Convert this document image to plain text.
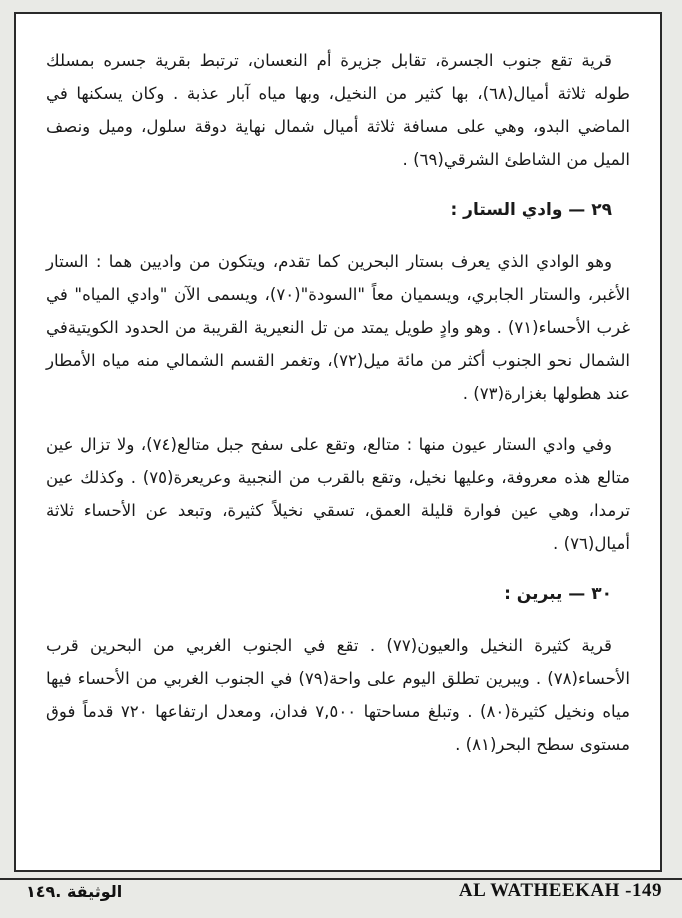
قرية تقع جنوب الجسرة، تقابل جزيرة أم النعسان، ترتبط بقرية جسره بمسلك طوله ثلاثة أميال(٦٨)، بها كثير من النخيل، وبها مياه آبار عذبة . وكان يسكنها في الماضي البدو، وهي على مسافة ثلاثة أميال شمال نهاية دوقة سلول، وميل ونصف الميل من الشاطئ الشرقي(٦٩) .

٢٩ — وادي الستار :

وهو الوادي الذي يعرف بستار البحرين كما تقدم، ويتكون من واديين هما : الستار الأغبر، والستار الجابري، ويسميان معاً "السودة"(٧٠)، ويسمى الآن "وادي المياه" في غرب الأحساء(٧١) . وهو وادٍ طويل يمتد من تل النعيرية القريبة من الحدود الكويتيةفي الشمال نحو الجنوب أكثر من مائة ميل(٧٢)، وتغمر القسم الشمالي منه مياه الأمطار عند هطولها بغزارة(٧٣) .

وفي وادي الستار عيون منها : متالع، وتقع على سفح جبل متالع(٧٤)، ولا تزال عين متالع هذه معروفة، وعليها نخيل، وتقع بالقرب من النجبية وعريعرة(٧٥) . وكذلك عين ترمدا، وهي عين فوارة قليلة العمق، تسقي نخيلاً كثيرة، وتبعد عن الأحساء ثلاثة أميال(٧٦) .

٣٠ — يبرين :

قرية كثيرة النخيل والعيون(٧٧) . تقع في الجنوب الغربي من البحرين قرب الأحساء(٧٨) . ويبرين تطلق اليوم على واحة(٧٩) في الجنوب الغربي من الأحساء فيها مياه ونخيل كثيرة(٨٠) . وتبلغ مساحتها ٧,٥٠٠ فدان، ومعدل ارتفاعها ٧٢٠ قدماً فوق مستوى سطح البحر(٨١) .

الوثيقة .١٤٩	AL WATHEEKAH -149
